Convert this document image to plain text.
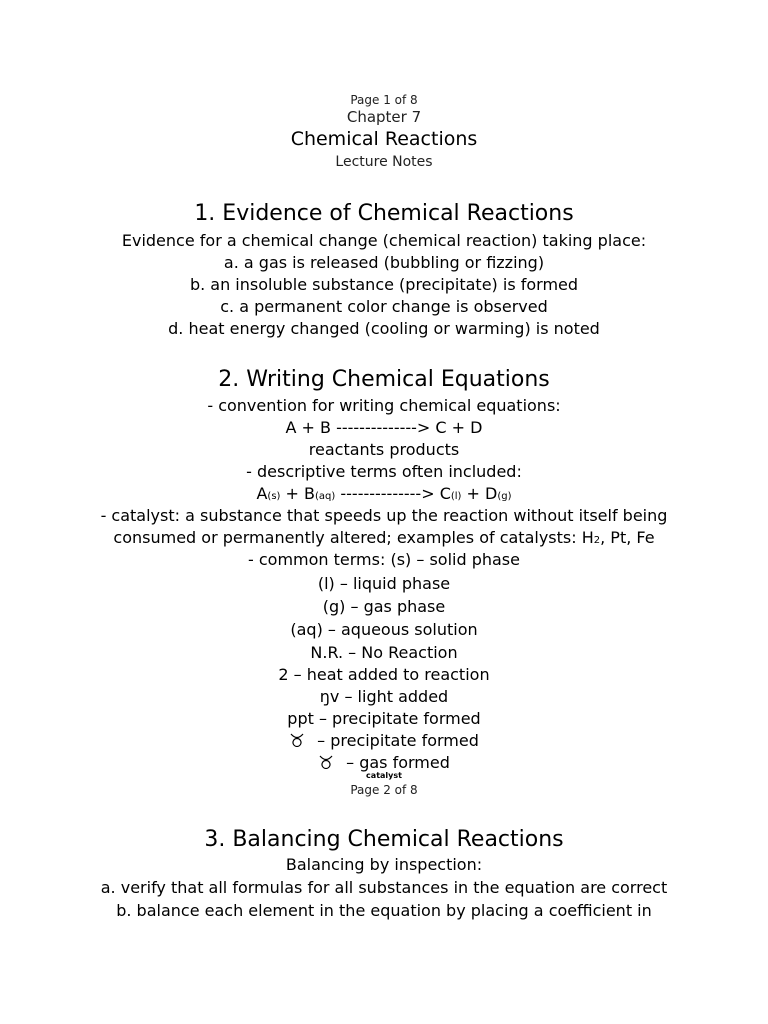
Page 1 of 8
Chapter 7
Chemical Reactions
Lecture Notes
1. Evidence of Chemical Reactions
Evidence for a chemical change (chemical reaction) taking place:
a. a gas is released (bubbling or fizzing)
b. an insoluble substance (precipitate) is formed
c. a permanent color change is observed
d. heat energy changed (cooling or warming) is noted
2. Writing Chemical Equations
- convention for writing chemical equations:
A + B --------------> C + D
reactants products
- descriptive terms often included:
A(s) + B(aq) --------------> C(l) + D(g)
- catalyst: a substance that speeds up the reaction without itself being
consumed or permanently altered; examples of catalysts: H2, Pt, Fe
- common terms: (s) – solid phase
(l) – liquid phase
(g) – gas phase
(aq) – aqueous solution
N.R. – No Reaction
2 – heat added to reaction
ŋv – light added
ppt – precipitate formed
– precipitate formed
– gas formed
catalyst
Page 2 of 8
3. Balancing Chemical Reactions
Balancing by inspection:
a. verify that all formulas for all substances in the equation are correct
b. balance each element in the equation by placing a coefficient in
